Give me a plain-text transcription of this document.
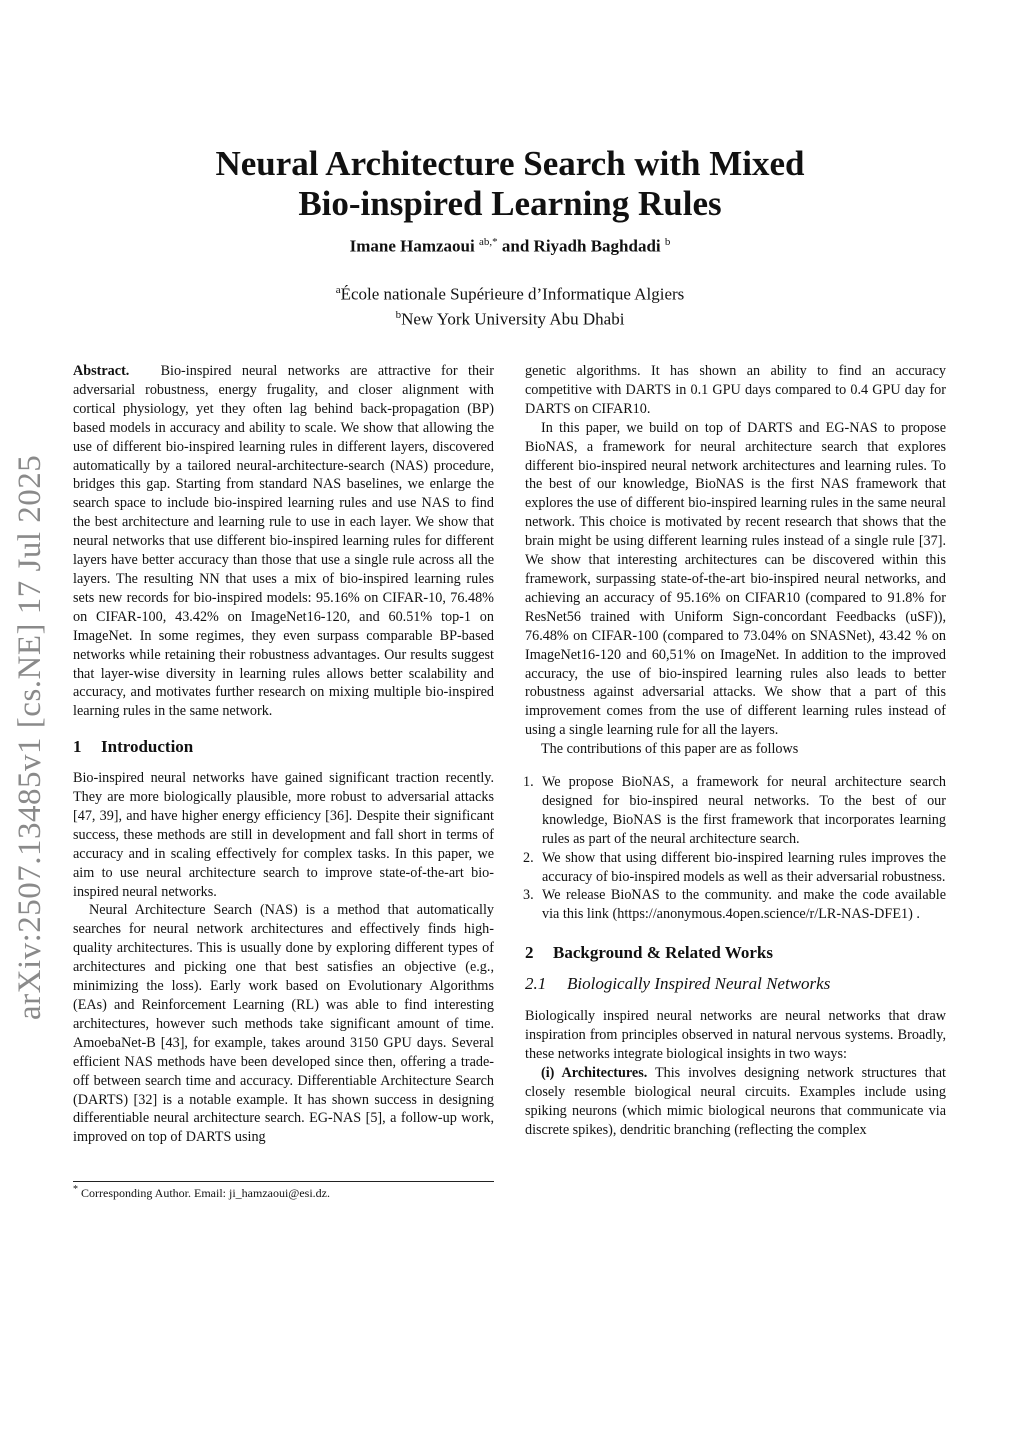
arXiv:2507.13485v1 [cs.NE] 17 Jul 2025
Neural Architecture Search with Mixed
Bio-inspired Learning Rules
Imane Hamzaoui $^{ab,*}$ and Riyadh Baghdadi $^b$
$^a$École nationale Supérieure d’Informatique Algiers
$^b$New York University Abu Dhabi

Abstract. Bio-inspired neural networks are attractive for their adversarial robustness, energy frugality, and closer alignment with cortical physiology, yet they often lag behind back-propagation (BP) based models in accuracy and ability to scale. We show that allowing the use of different bio-inspired learning rules in different layers, discovered automatically by a tailored neural-architecture-search (NAS) procedure, bridges this gap. Starting from standard NAS baselines, we enlarge the search space to include bio-inspired learning rules and use NAS to find the best architecture and learning rule to use in each layer. We show that neural networks that use different bio-inspired learning rules for different layers have better accuracy than those that use a single rule across all the layers. The resulting NN that uses a mix of bio-inspired learning rules sets new records for bio-inspired models: 95.16% on CIFAR-10, 76.48% on CIFAR-100, 43.42% on ImageNet16-120, and 60.51% top-1 on ImageNet. In some regimes, they even surpass comparable BP-based networks while retaining their robustness advantages. Our results suggest that layer-wise diversity in learning rules allows better scalability and accuracy, and motivates further research on mixing multiple bio-inspired learning rules in the same network.

1 Introduction

Bio-inspired neural networks have gained significant traction recently. They are more biologically plausible, more robust to adversarial attacks [47, 39], and have higher energy efficiency [36]. Despite their significant success, these methods are still in development and fall short in terms of accuracy and in scaling effectively for complex tasks. In this paper, we aim to use neural architecture search to improve state-of-the-art bio-inspired neural networks.

Neural Architecture Search (NAS) is a method that automatically searches for neural network architectures and effectively finds high-quality architectures. This is usually done by exploring different types of architectures and picking one that best satisfies an objective (e.g., minimizing the loss). Early work based on Evolutionary Algorithms (EAs) and Reinforcement Learning (RL) was able to find interesting architectures, however such methods take significant amount of time. AmoebaNet-B [43], for example, takes around 3150 GPU days. Several efficient NAS methods have been developed since then, offering a trade-off between search time and accuracy. Differentiable Architecture Search (DARTS) [32] is a notable example. It has shown success in designing differentiable neural architecture search. EG-NAS [5], a follow-up work, improved on top of DARTS using

* Corresponding Author. Email: ji_hamzaoui@esi.dz.

genetic algorithms. It has shown an ability to find an accuracy competitive with DARTS in 0.1 GPU days compared to 0.4 GPU day for DARTS on CIFAR10.

In this paper, we build on top of DARTS and EG-NAS to propose BioNAS, a framework for neural architecture search that explores different bio-inspired neural network architectures and learning rules. To the best of our knowledge, BioNAS is the first NAS framework that explores the use of different bio-inspired learning rules in the same neural network. This choice is motivated by recent research that shows that the brain might be using different learning rules instead of a single rule [37]. We show that interesting architectures can be discovered within this framework, surpassing state-of-the-art bio-inspired neural networks, and achieving an accuracy of 95.16% on CIFAR10 (compared to 91.8% for ResNet56 trained with Uniform Sign-concordant Feedbacks (uSF)), 76.48% on CIFAR-100 (compared to 73.04% on SNASNet), 43.42 % on ImageNet16-120 and 60,51% on ImageNet. In addition to the improved accuracy, the use of bio-inspired learning rules also leads to better robustness against adversarial attacks. We show that a part of this improvement comes from the use of different learning rules instead of using a single learning rule for all the layers.

The contributions of this paper are as follows

1. We propose BioNAS, a framework for neural architecture search designed for bio-inspired neural networks. To the best of our knowledge, BioNAS is the first framework that incorporates learning rules as part of the neural architecture search.
2. We show that using different bio-inspired learning rules improves the accuracy of bio-inspired models as well as their adversarial robustness.
3. We release BioNAS to the community. and make the code available via this link (https://anonymous.4open.science/r/LR-NAS-DFE1) .
2 Background & Related Works
2.1 Biologically Inspired Neural Networks

Biologically inspired neural networks are neural networks that draw inspiration from principles observed in natural nervous systems. Broadly, these networks integrate biological insights in two ways:

(i) Architectures. This involves designing network structures that closely resemble biological neural circuits. Examples include using spiking neurons (which mimic biological neurons that communicate via discrete spikes), dendritic branching (reflecting the complex
